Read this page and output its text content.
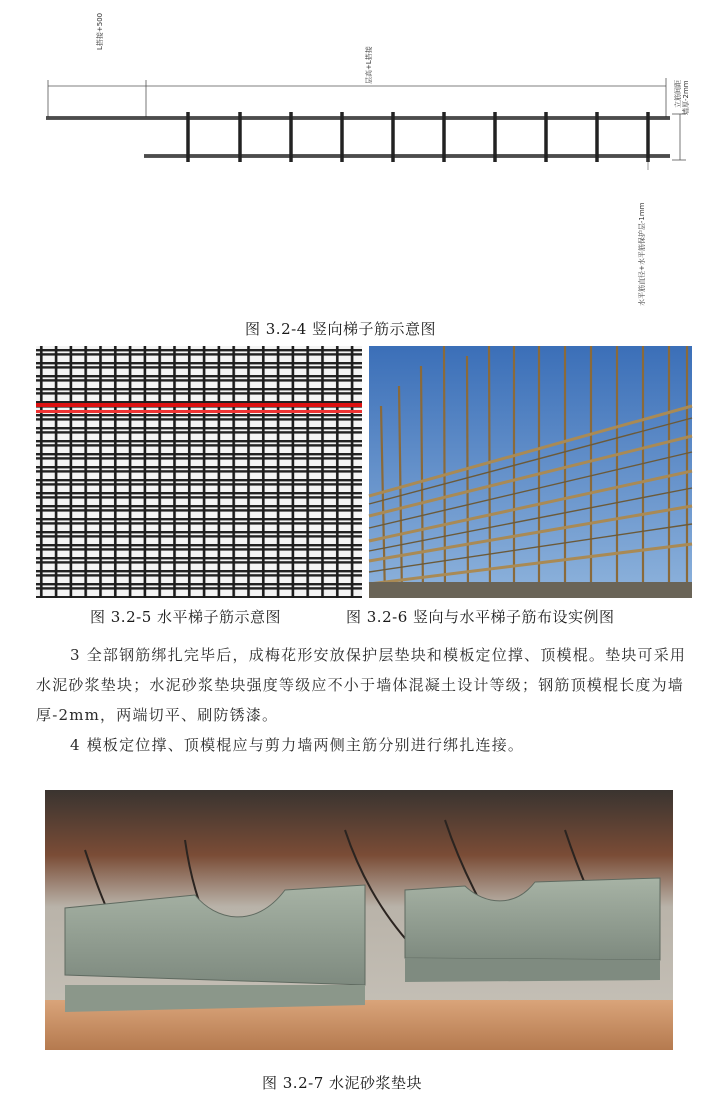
L搭接+500
层高+L搭接
立筋间距 墙厚-2mm
水平筋直径+水平筋保护层-1mm
图 3.2-4 竖向梯子筋示意图
图 3.2-5 水平梯子筋示意图	图 3.2-6 竖向与水平梯子筋布设实例图
3 全部钢筋绑扎完毕后，成梅花形安放保护层垫块和模板定位撑、顶模棍。垫块可采用水泥砂浆垫块；水泥砂浆垫块强度等级应不小于墙体混凝土设计等级；钢筋顶模棍长度为墙厚-2mm，两端切平、刷防锈漆。
4 模板定位撑、顶模棍应与剪力墙两侧主筋分别进行绑扎连接。
图 3.2-7 水泥砂浆垫块
